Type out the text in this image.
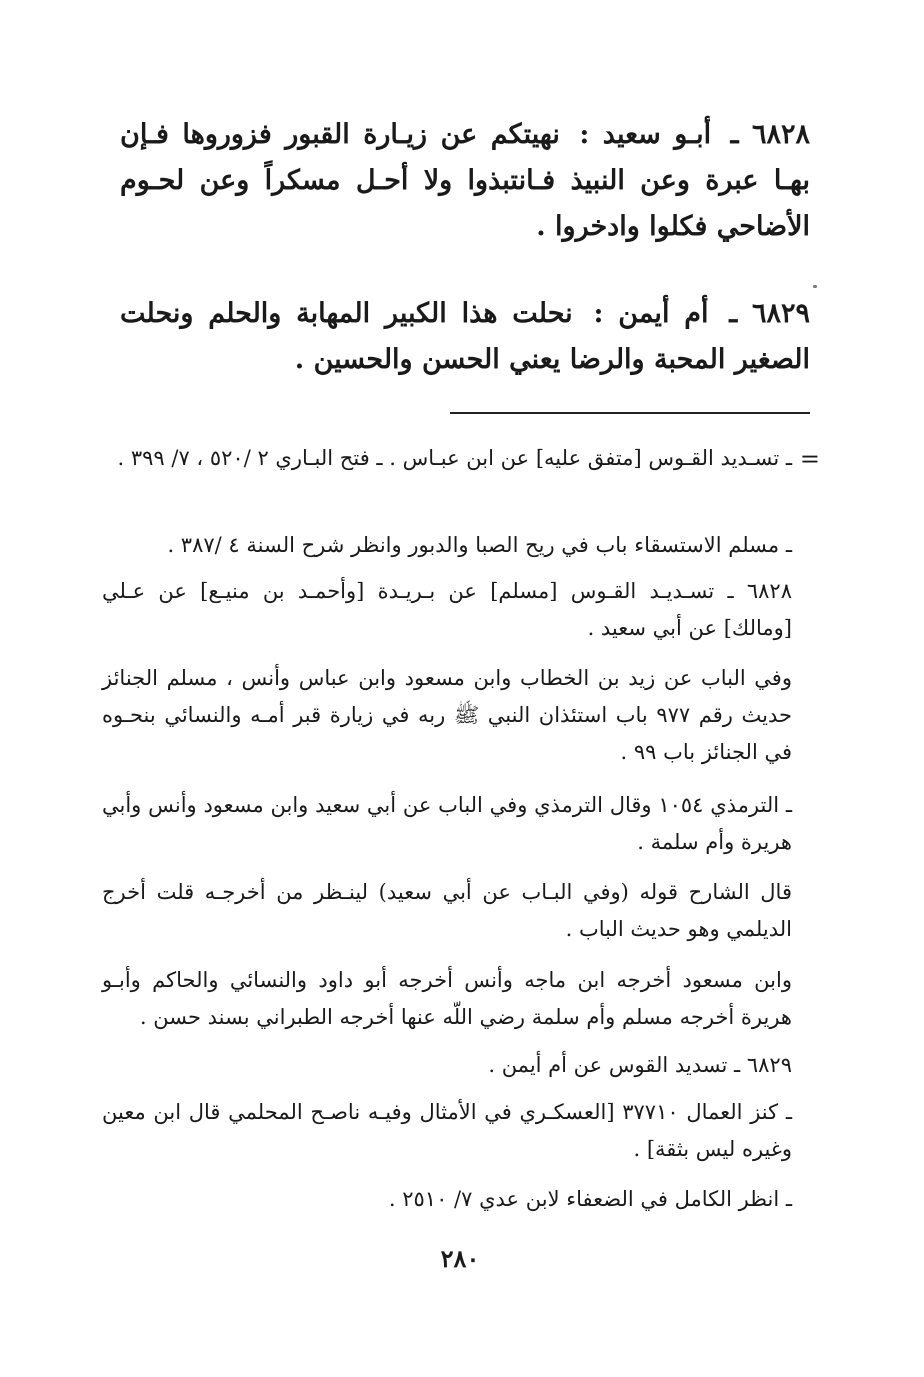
٦٨٢٨ ـ أبـو سعيد : نهيتكم عن زيـارة القبور فزوروها فـإن بهـا عبرة وعن النبيذ فـانتبذوا ولا أحـل مسكراً وعن لحـوم الأضاحي فكلوا وادخروا .

٦٨٢٩ ـ أم أيمن : نحلت هذا الكبير المهابة والحلم ونحلت الصغير المحبة والرضا يعني الحسن والحسين .

=

ـ تسـديد القـوس [متفق عليه] عن ابن عبـاس . ـ فتح البـاري ٢ /٥٢٠ ، ٧/ ٣٩٩ .

ـ مسلم الاستسقاء باب في ريح الصبا والدبور وانظر شرح السنة ٤ /٣٨٧ .

٦٨٢٨ ـ تسـديـد القـوس [مسلم] عن بـريـدة [وأحمـد بن منيـع] عن عـلي [ومالك] عن أبي سعيد .

وفي الباب عن زيد بن الخطاب وابن مسعود وابن عباس وأنس ، مسلم الجنائز حديث رقم ٩٧٧ باب استئذان النبي ﷺ ربه في زيارة قبر أمـه والنسائي بنحـوه في الجنائز باب ٩٩ .

ـ الترمذي ١٠٥٤ وقال الترمذي وفي الباب عن أبي سعيد وابن مسعود وأنس وأبي هريرة وأم سلمة .

قال الشارح قوله (وفي البـاب عن أبي سعيد) لينـظر من أخرجـه قلت أخرج الديلمي وهو حديث الباب .

وابن مسعود أخرجه ابن ماجه وأنس أخرجه أبو داود والنسائي والحاكم وأبـو هريرة أخرجه مسلم وأم سلمة رضي اللّه عنها أخرجه الطبراني بسند حسن .

٦٨٢٩ ـ تسديد القوس عن أم أيمن .

ـ كنز العمال ٣٧٧١٠ [العسكـري في الأمثال وفيـه ناصـح المحلمي قال ابن معين وغيره ليس بثقة] .

ـ انظر الكامل في الضعفاء لابن عدي ٧/ ٢٥١٠ .

٢٨٠
